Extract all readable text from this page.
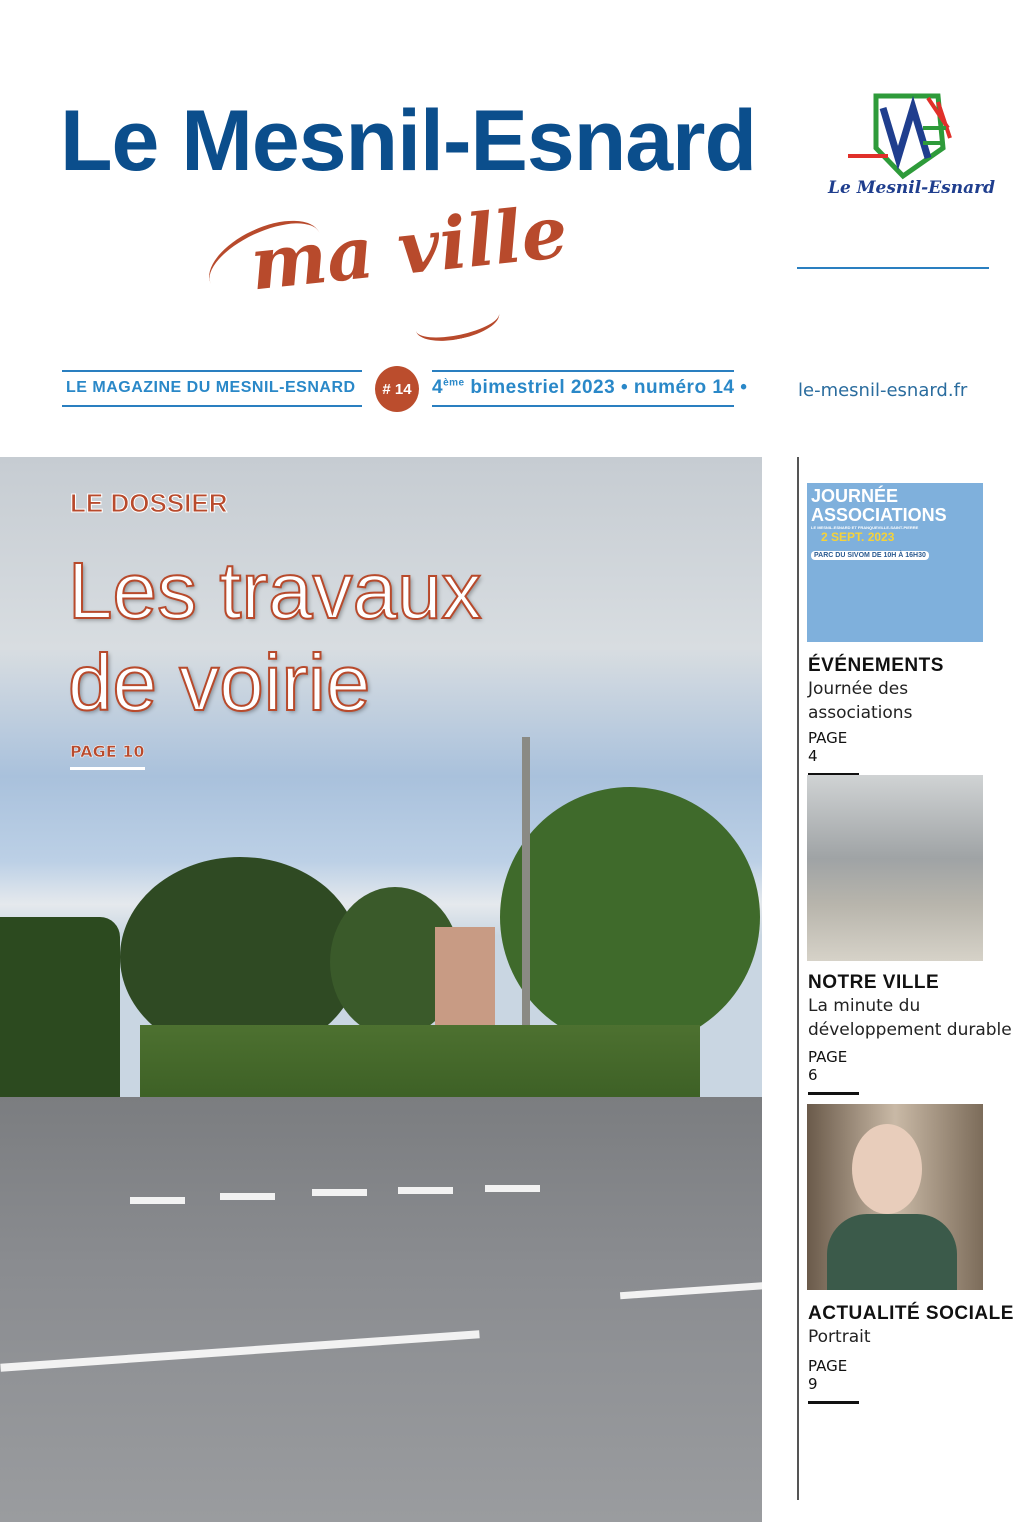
Le Mesnil-Esnard
ma ville
Le Mesnil-Esnard
LE MAGAZINE DU MESNIL-ESNARD	# 14	4ème bimestriel 2023 • numéro 14 •	le-mesnil-esnard.fr
LE DOSSIER
Les travaux
de voirie
PAGE 10
JOURNÉE
ASSOCIATIONS
LE MESNIL-ESNARD ET FRANQUEVILLE-SAINT-PIERRE
2 SEPT. 2023
PARC DU SIVOM DE 10H À 16H30
ÉVÉNEMENTS
Journée des
associations
PAGE 4
NOTRE VILLE
La minute du
développement durable
PAGE 6
ACTUALITÉ SOCIALE
Portrait
PAGE 9
